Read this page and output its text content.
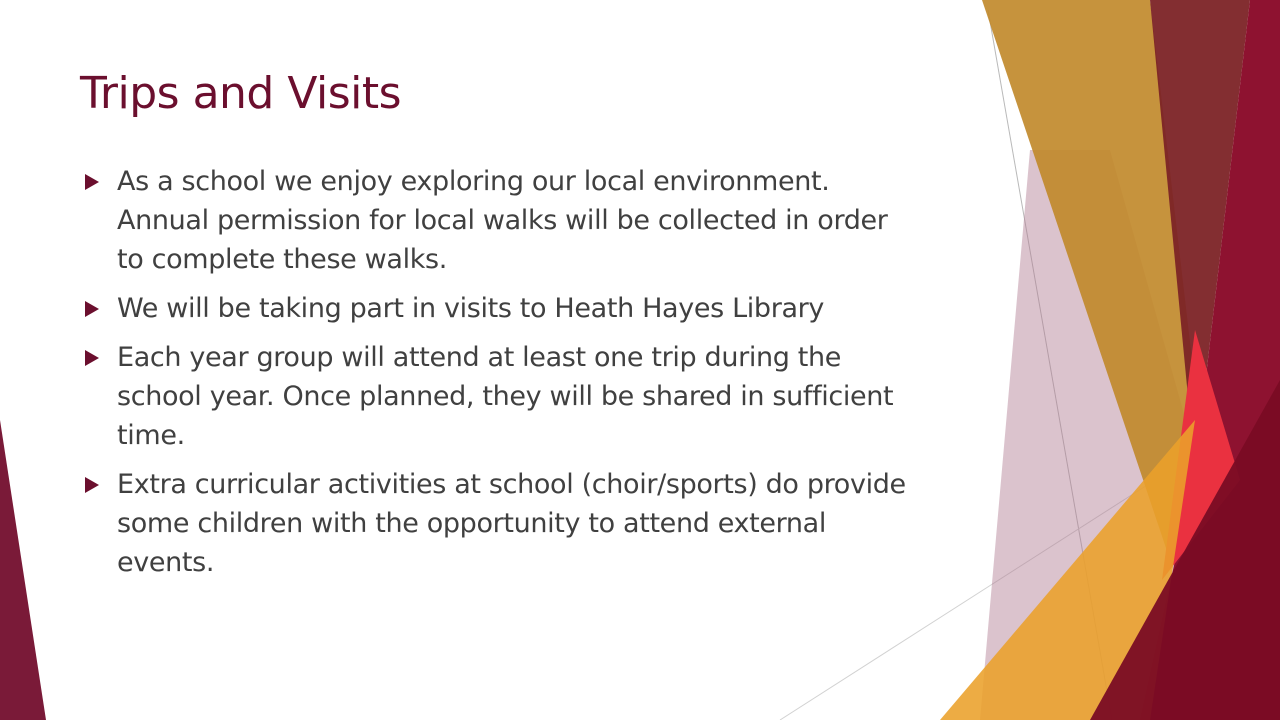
Trips and Visits
As a school we enjoy exploring our local environment. Annual permission for local walks will be collected in order to complete these walks.
We will be taking part in visits to Heath Hayes Library
Each year group will attend at least one trip during the school year. Once planned, they will be shared in sufficient time.
Extra curricular activities at school (choir/sports) do provide some children with the opportunity to attend external events.
